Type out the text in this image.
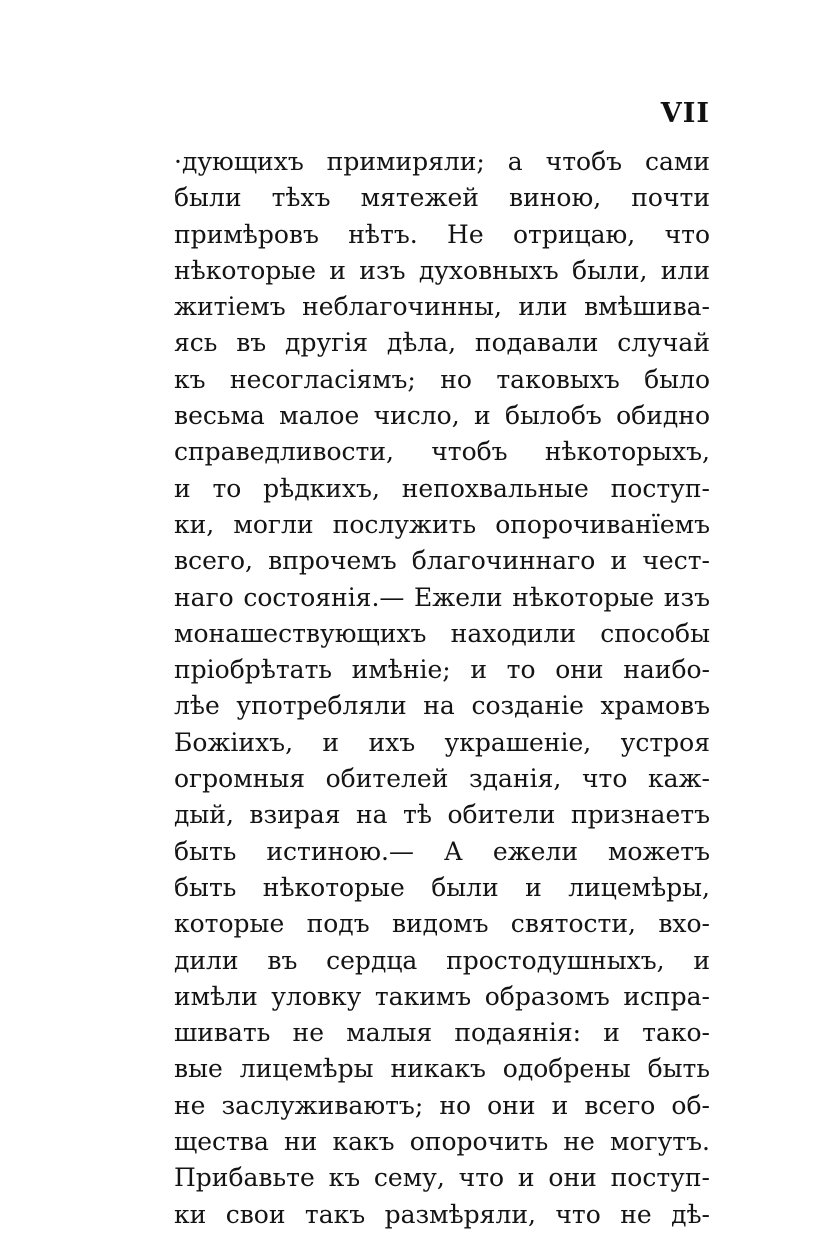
VII
·дующихъ примиряли; а чтобъ сами
были тѣхъ мятежей виною, почти
примѣровъ нѣтъ. Не отрицаю, что
нѣкоторые и изъ духовныхъ были, или
житіемъ неблагочинны, или вмѣшива-
ясь въ другія дѣла, подавали случай
къ несогласіямъ; но таковыхъ было
весьма малое число, и былобъ обидно
справедливости, чтобъ нѣкоторыхъ,
и то рѣдкихъ, непохвальные поступ-
ки, могли послужить опорочиванїемъ
всего, впрочемъ благочиннаго и чест-
наго состоянія.— Ежели нѣкоторые изъ
монашествующихъ находили способы
пріобрѣтать имѣніе; и то они наибо-
лѣе употребляли на созданіе храмовъ
Божіихъ, и ихъ украшеніе, устроя
огромныя обителей зданія, что каж-
дый, взирая на тѣ обители признаетъ
быть истиною.— А ежели можетъ
быть нѣкоторые были и лицемѣры,
которые подъ видомъ святости, вхо-
дили въ сердца простодушныхъ, и
имѣли уловку такимъ образомъ испра-
шивать не малыя подаянія: и тако-
вые лицемѣры никакъ одобрены быть
не заслуживаютъ; но они и всего об-
щества ни какъ опорочить не могутъ.
Прибавьте къ сему, что и они поступ-
ки свои такъ размѣряли, что не дѣ-
